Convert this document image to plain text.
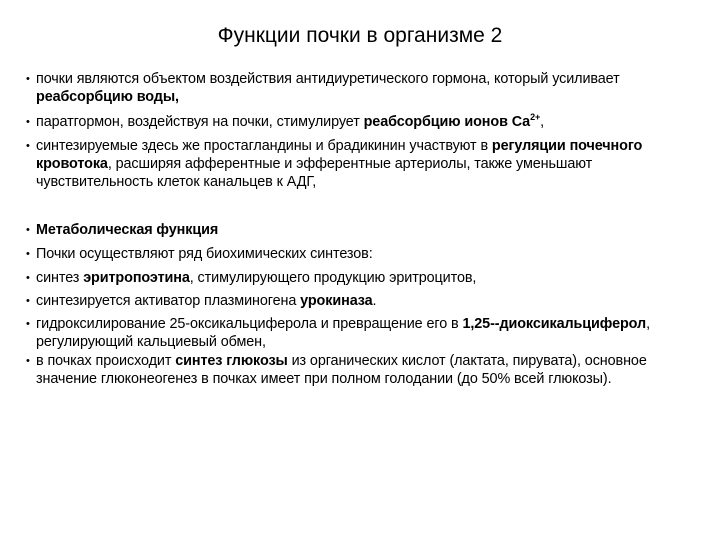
Функции почки в организме 2
• почки являются объектом воздействия антидиуретического гормона, который усиливает реабсорбцию воды,
• паратгормон, воздействуя на почки, стимулирует реабсорбцию ионов $Са^{2+}$,
• синтезируемые здесь же простагландины и брадикинин участвуют в регуляции почечного кровотока, расширяя афферентные и эфферентные артериолы, также уменьшают чувствительность клеток канальцев к АДГ,
• Метаболическая функция
• Почки осуществляют ряд биохимических синтезов:
• синтез эритропоэтина, стимулирующего продукцию эритроцитов,
• синтезируется активатор плазминогена урокиназа.
• гидроксилирование 25-оксикальциферола и превращение его в 1,25-‑диоксикальциферол, регулирующий кальциевый обмен,
• в почках происходит синтез глюкозы из органических кислот (лактата, пирувата), основное значение глюконеогенез в почках имеет при полном голодании (до 50% всей глюкозы).
